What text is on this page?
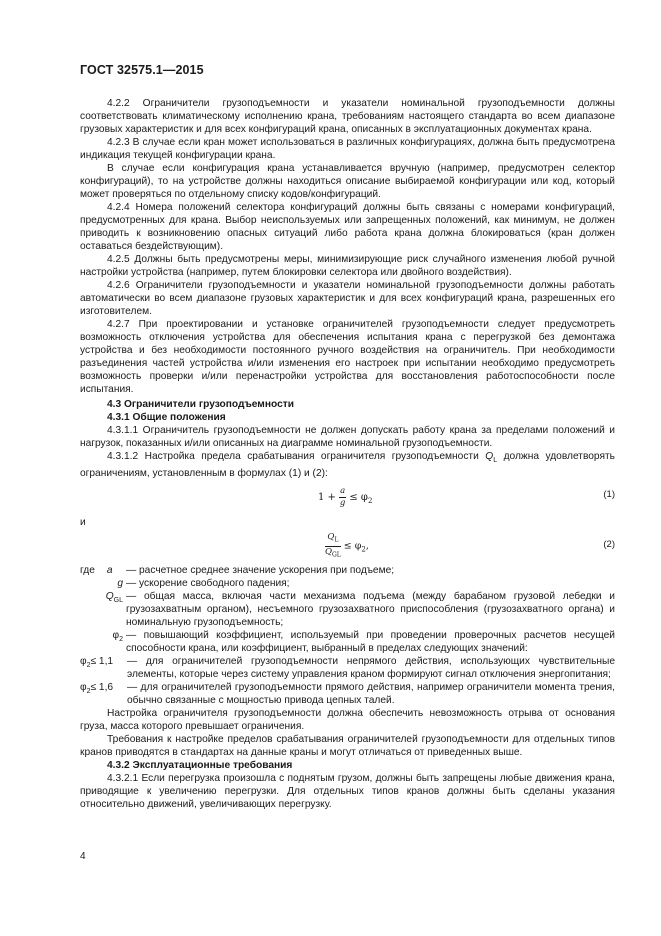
ГОСТ 32575.1—2015

4.2.2 Ограничители грузоподъемности и указатели номинальной грузоподъемности должны соответствовать климатическому исполнению крана, требованиям настоящего стандарта во всем диапазоне грузовых характеристик и для всех конфигураций крана, описанных в эксплуатационных документах крана.

4.2.3 В случае если кран может использоваться в различных конфигурациях, должна быть предусмотрена индикация текущей конфигурации крана.

В случае если конфигурация крана устанавливается вручную (например, предусмотрен селектор конфигураций), то на устройстве должны находиться описание выбираемой конфигурации или код, который может проверяться по отдельному списку кодов/конфигураций.

4.2.4 Номера положений селектора конфигураций должны быть связаны с номерами конфигураций, предусмотренных для крана. Выбор неиспользуемых или запрещенных положений, как минимум, не должен приводить к возникновению опасных ситуаций либо работа крана должна блокироваться (кран должен оставаться бездействующим).

4.2.5 Должны быть предусмотрены меры, минимизирующие риск случайного изменения любой ручной настройки устройства (например, путем блокировки селектора или двойного воздействия).

4.2.6 Ограничители грузоподъемности и указатели номинальной грузоподъемности должны работать автоматически во всем диапазоне грузовых характеристик и для всех конфигураций крана, разрешенных его изготовителем.

4.2.7 При проектировании и установке ограничителей грузоподъемности следует предусмотреть возможность отключения устройства для обеспечения испытания крана с перегрузкой без демонтажа устройства и без необходимости постоянного ручного воздействия на ограничитель. При необходимости разъединения частей устройства и/или изменения его настроек при испытании необходимо предусмотреть возможность проверки и/или перенастройки устройства для восстановления работоспособности после испытания.

4.3 Ограничители грузоподъемности

4.3.1 Общие положения

4.3.1.1 Ограничитель грузоподъемности не должен допускать работу крана за пределами положений и нагрузок, показанных и/или описанных на диаграмме номинальной грузоподъемности.

4.3.1.2 Настройка предела срабатывания ограничителя грузоподъемности $Q_L$ должна удовлетворять ограничениям, установленным в формулах (1) и (2):

$1 + \frac{a}{g} \le \varphi_2$
(1)

и

$\frac{Q_L}{Q_{GL}} \le \varphi_2$,	(2)
где a	— расчетное среднее значение ускорения при подъеме;
g — ускорение свободного падения;
$Q_{GL}$ — общая масса, включая части механизма подъема (между барабаном грузовой лебедки и грузозахватным органом), несъемного грузозахватного приспособления (грузозахватного органа) и номинальную грузоподъемность;
$\varphi_2$ — повышающий коэффициент, используемый при проведении проверочных расчетов несущей способности крана, или коэффициент, выбранный в пределах следующих значений:
$\varphi_2\le 1,1$	— для ограничителей грузоподъемности непрямого действия, использующих чувствительные элементы, которые через систему управления краном формируют сигнал отключения энергопитания;
$\varphi_2\le 1,6$	— для ограничителей грузоподъемности прямого действия, например ограничители момента трения, обычно связанные с мощностью привода цепных талей.

Настройка ограничителя грузоподъемности должна обеспечить невозможность отрыва от основания груза, масса которого превышает ограничения.

Требования к настройке пределов срабатывания ограничителей грузоподъемности для отдельных типов кранов приводятся в стандартах на данные краны и могут отличаться от приведенных выше.

4.3.2 Эксплуатационные требования

4.3.2.1 Если перегрузка произошла с поднятым грузом, должны быть запрещены любые движения крана, приводящие к увеличению перегрузки. Для отдельных типов кранов должны быть сделаны указания относительно движений, увеличивающих перегрузку.

4
